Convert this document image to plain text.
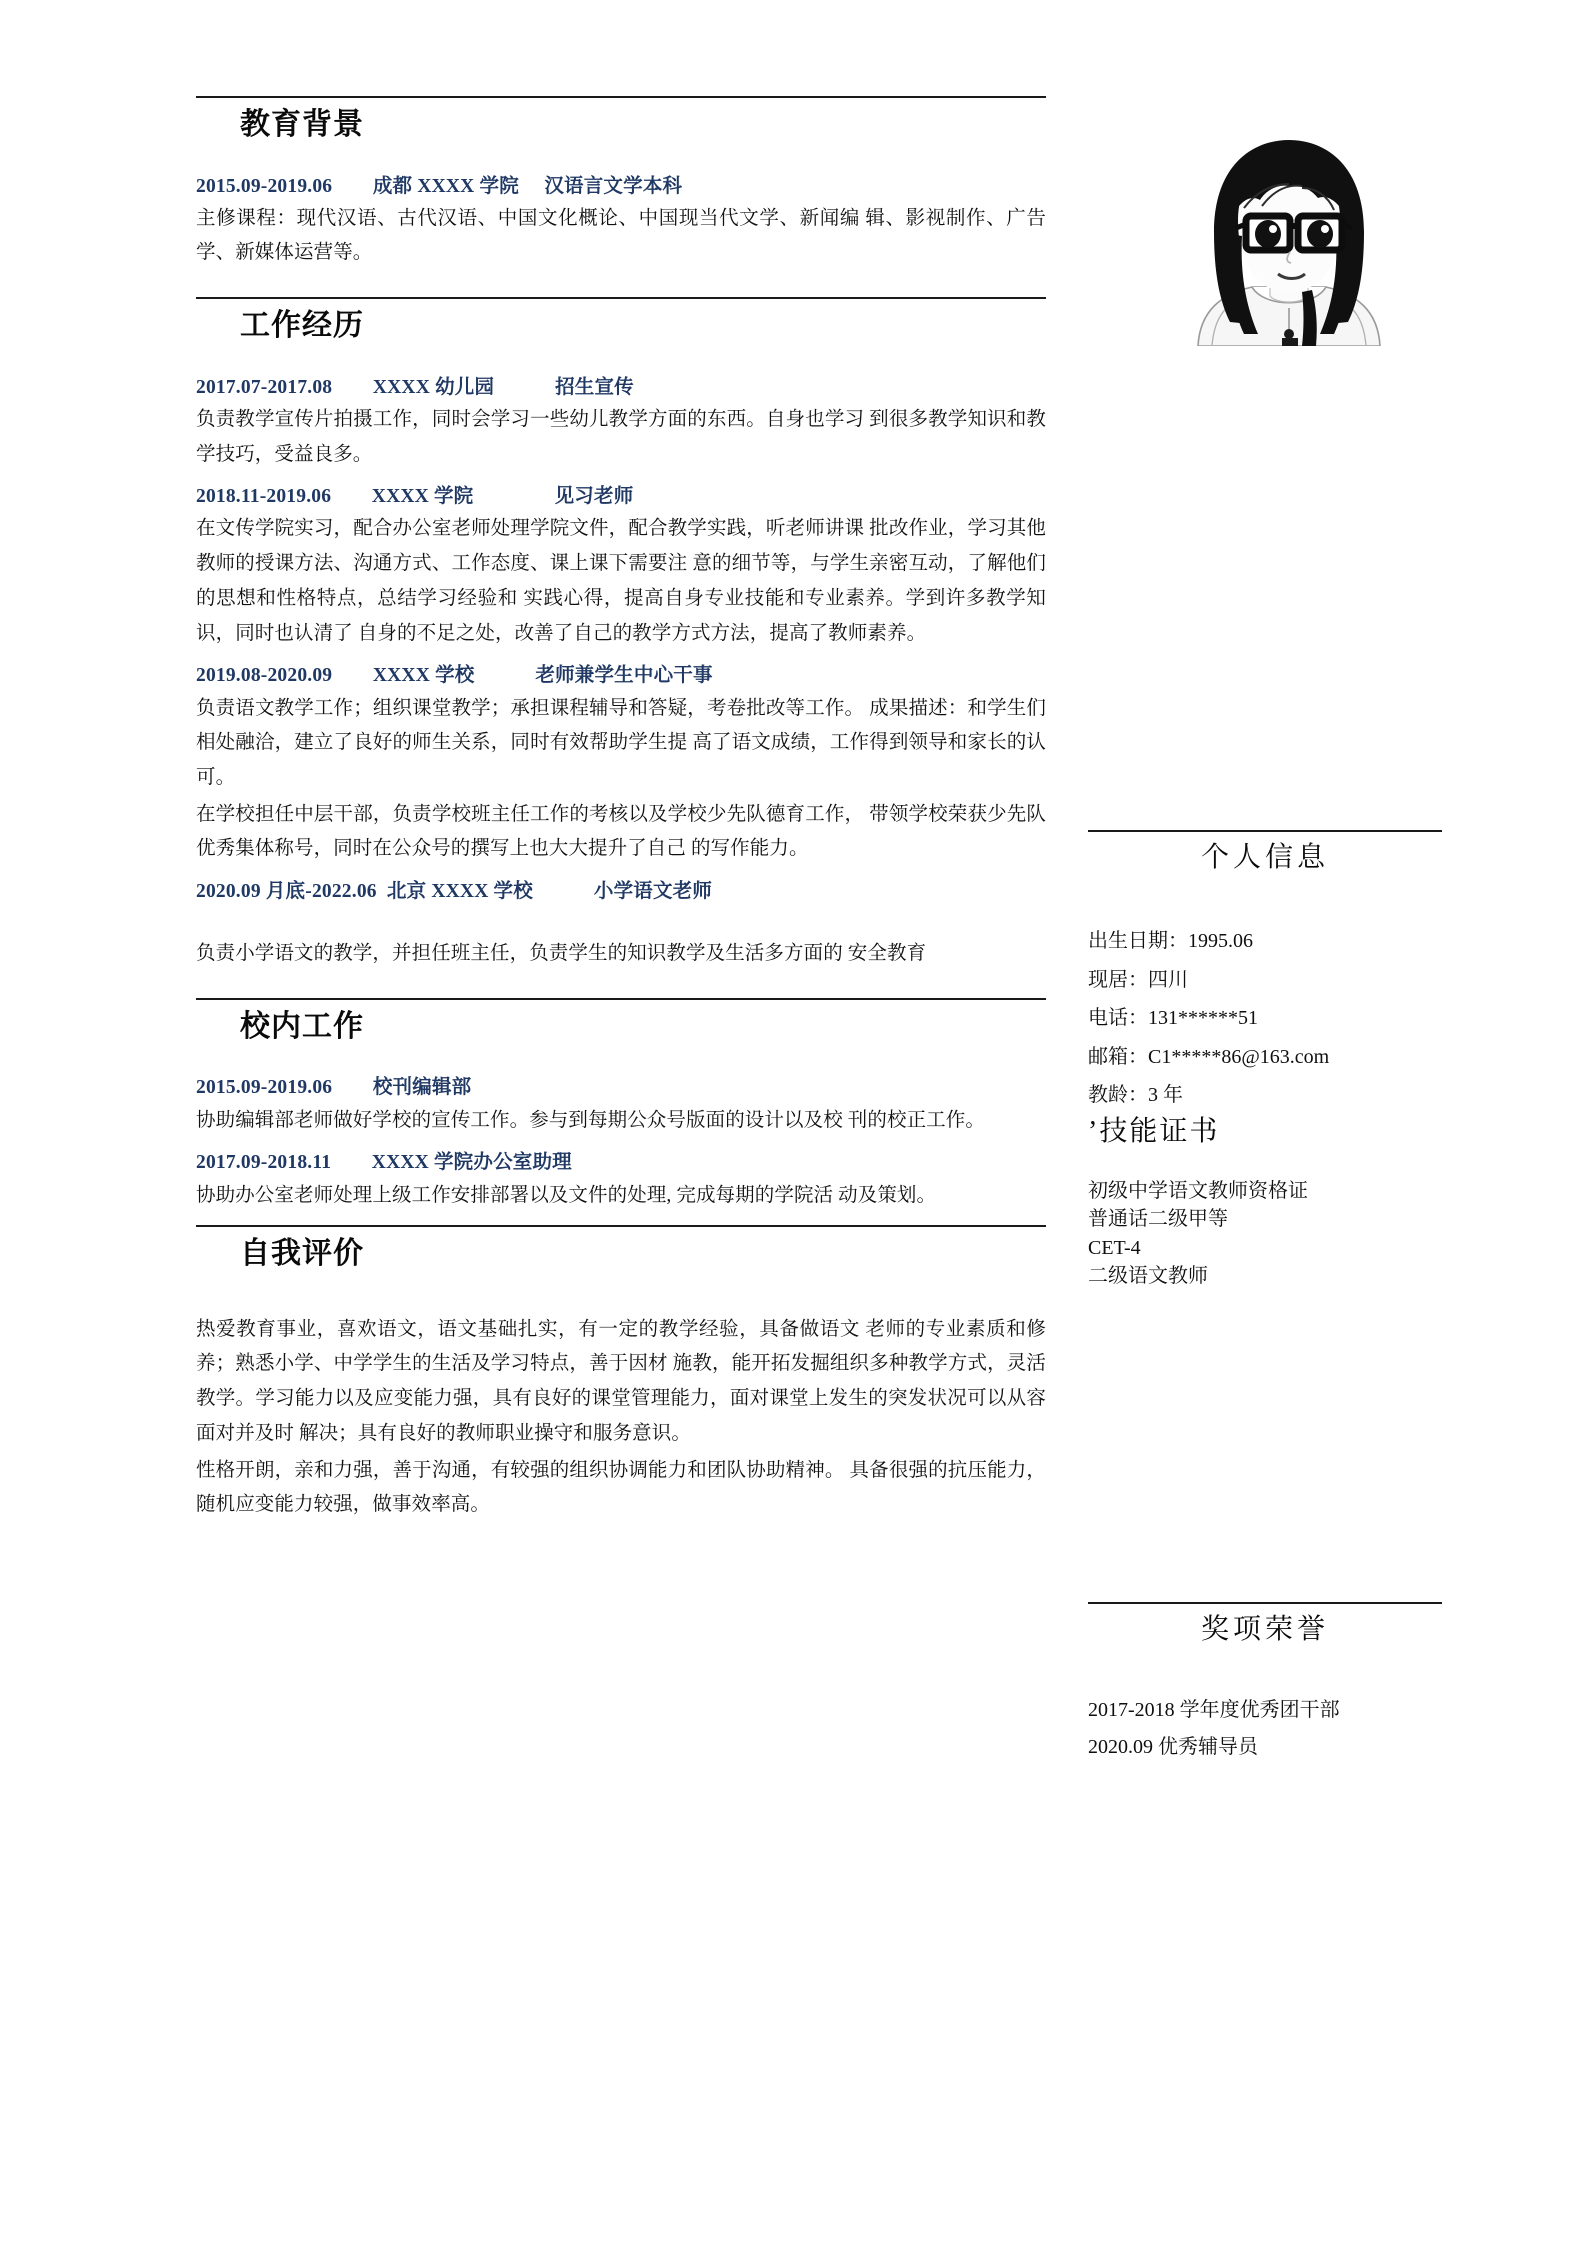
教育背景
2015.09-2019.06 成都 XXXX 学院 汉语言文学本科
主修课程：现代汉语、古代汉语、中国文化概论、中国现当代文学、新闻编 辑、影视制作、广告学、新媒体运营等。
工作经历
2017.07-2017.08 XXXX 幼儿园	招生宣传
负责教学宣传片拍摄工作，同时会学习一些幼儿教学方面的东西。自身也学习 到很多教学知识和教学技巧，受益良多。
2018.11-2019.06 XXXX 学院	见习老师
在文传学院实习，配合办公室老师处理学院文件，配合教学实践，听老师讲课 批改作业，学习其他教师的授课方法、沟通方式、工作态度、课上课下需要注 意的细节等，与学生亲密互动，了解他们的思想和性格特点，总结学习经验和 实践心得，提高自身专业技能和专业素养。学到许多教学知识，同时也认清了 自身的不足之处，改善了自己的教学方式方法，提高了教师素养。
2019.08-2020.09 XXXX 学校	老师兼学生中心干事
负责语文教学工作；组织课堂教学；承担课程辅导和答疑，考卷批改等工作。 成果描述：和学生们相处融洽，建立了良好的师生关系，同时有效帮助学生提 高了语文成绩，工作得到领导和家长的认可。
在学校担任中层干部，负责学校班主任工作的考核以及学校少先队德育工作， 带领学校荣获少先队优秀集体称号，同时在公众号的撰写上也大大提升了自己 的写作能力。
2020.09 月底-2022.06 北京 XXXX 学校	小学语文老师
负责小学语文的教学，并担任班主任，负责学生的知识教学及生活多方面的 安全教育
校内工作
2015.09-2019.06 校刊编辑部
协助编辑部老师做好学校的宣传工作。参与到每期公众号版面的设计以及校 刊的校正工作。
2017.09-2018.11 XXXX 学院办公室助理
协助办公室老师处理上级工作安排部署以及文件的处理, 完成每期的学院活 动及策划。
自我评价
热爱教育事业，喜欢语文，语文基础扎实，有一定的教学经验，具备做语文 老师的专业素质和修养；熟悉小学、中学学生的生活及学习特点，善于因材 施教，能开拓发掘组织多种教学方式，灵活教学。学习能力以及应变能力强，具有良好的课堂管理能力，面对课堂上发生的突发状况可以从容面对并及时 解决；具有良好的教师职业操守和服务意识。
性格开朗，亲和力强，善于沟通，有较强的组织协调能力和团队协助精神。 具备很强的抗压能力，随机应变能力较强，做事效率高。
个人信息
出生日期：1995.06
现居：四川
电话：131******51
邮箱：C1*****86@163.com
教龄：3 年
’技能证书
初级中学语文教师资格证
普通话二级甲等
CET-4
二级语文教师
奖项荣誉
2017-2018 学年度优秀团干部
2020.09 优秀辅导员
